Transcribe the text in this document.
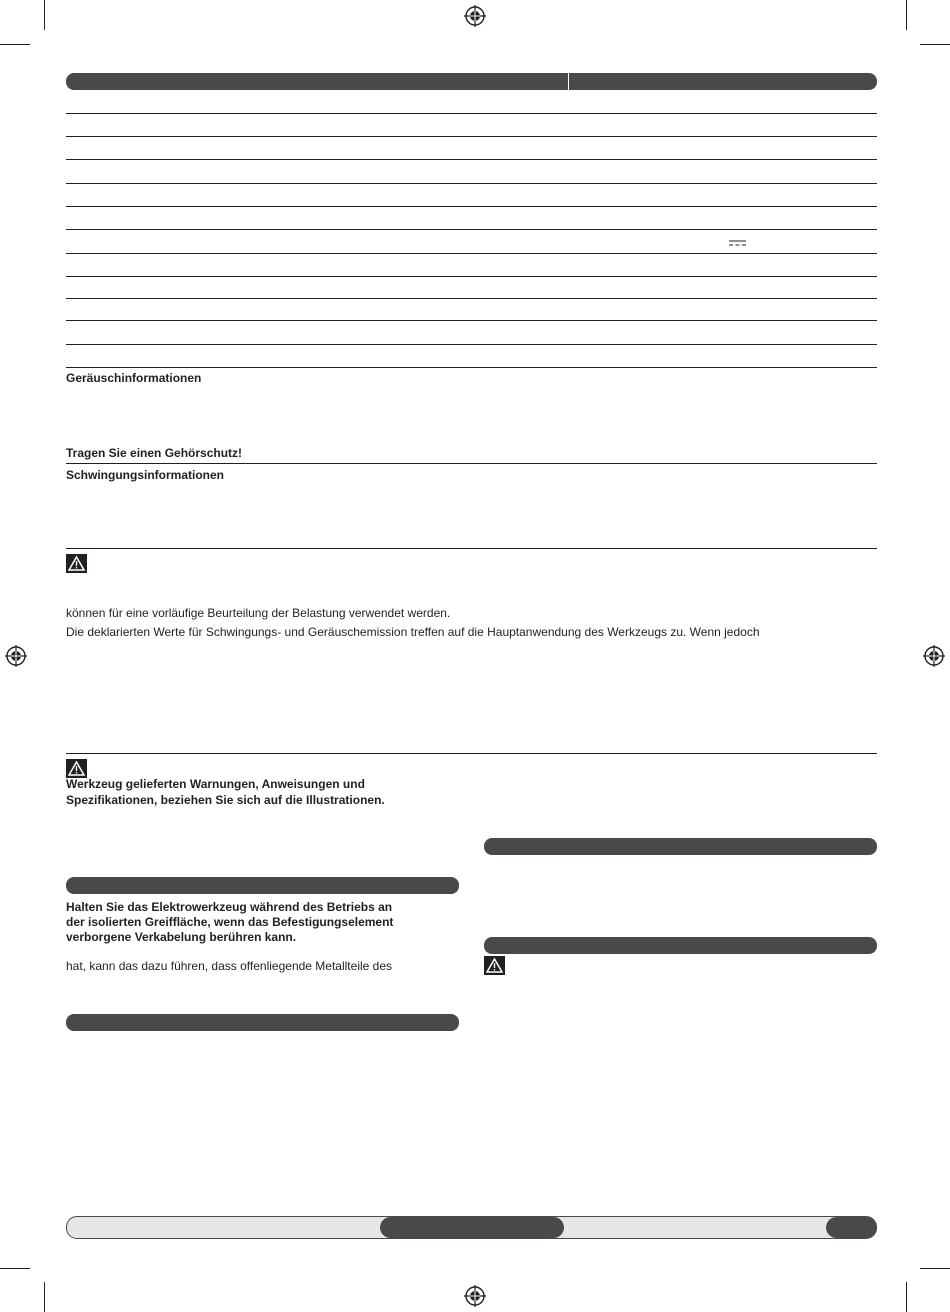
Geräuschinformationen
Tragen Sie einen Gehörschutz!
Schwingungsinformationen
können für eine vorläufige Beurteilung der Belastung verwendet werden.
Die deklarierten Werte für Schwingungs- und Geräuschemission treffen auf die Hauptanwendung des Werkzeugs zu. Wenn jedoch
Werkzeug gelieferten Warnungen, Anweisungen und
Spezifikationen, beziehen Sie sich auf die Illustrationen.
Halten Sie das Elektrowerkzeug während des Betriebs an
der isolierten Greiffläche, wenn das Befestigungselement
verborgene Verkabelung berühren kann.
hat, kann das dazu führen, dass offenliegende Metallteile des
